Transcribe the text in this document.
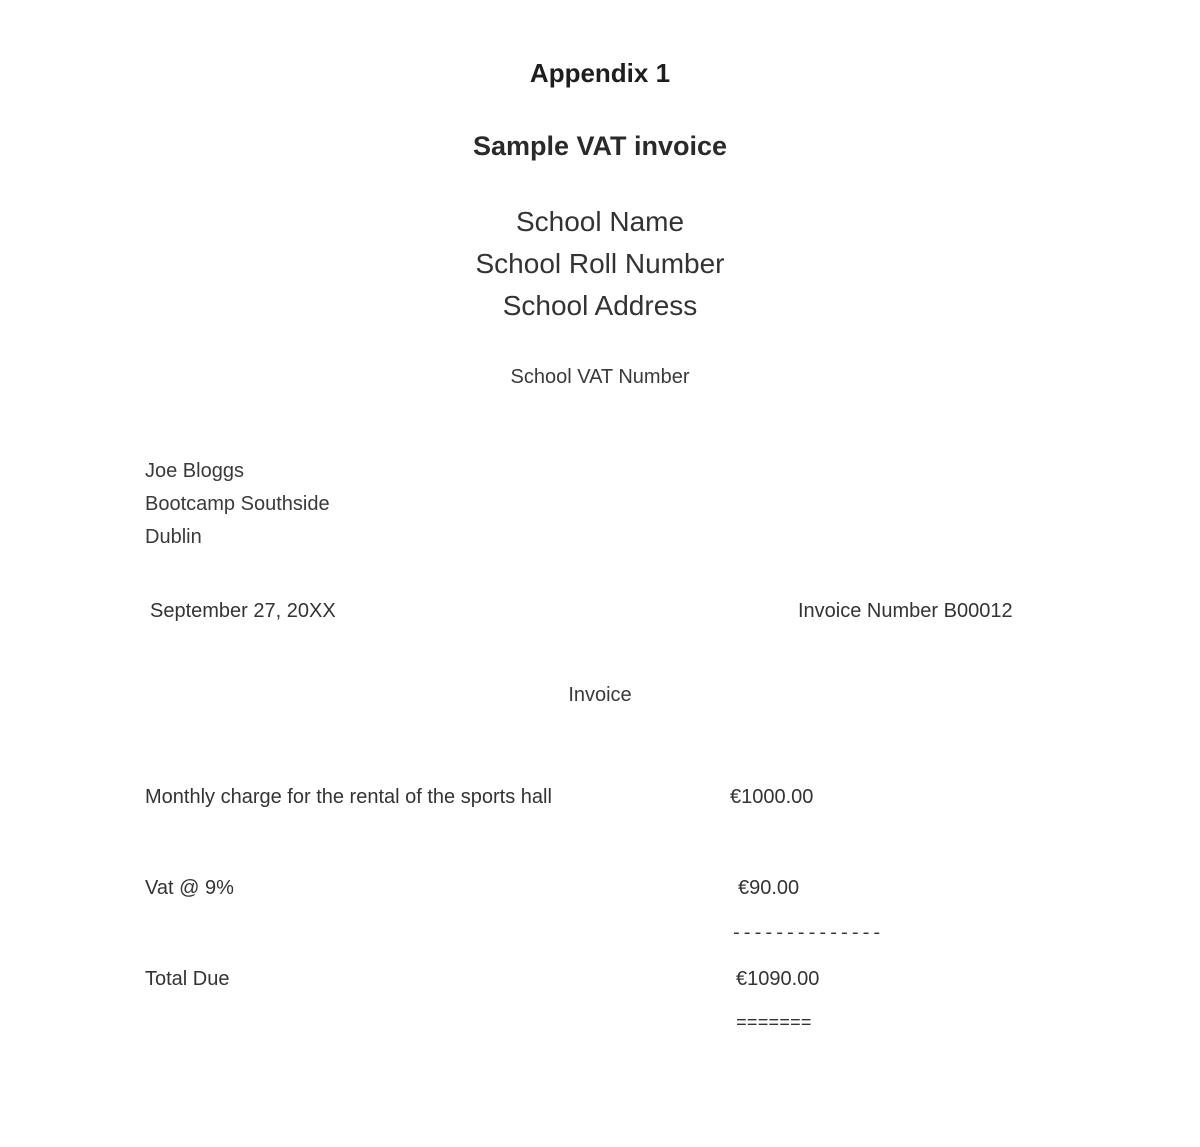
Appendix 1
Sample VAT invoice
School Name
School Roll Number
School Address
School VAT Number
Joe Bloggs
Bootcamp Southside
Dublin
September 27, 20XX	Invoice Number B00012
Invoice
Monthly charge for the rental of the sports hall	€1000.00
Vat @ 9%	€90.00
--------------
Total Due	€1090.00
=======
